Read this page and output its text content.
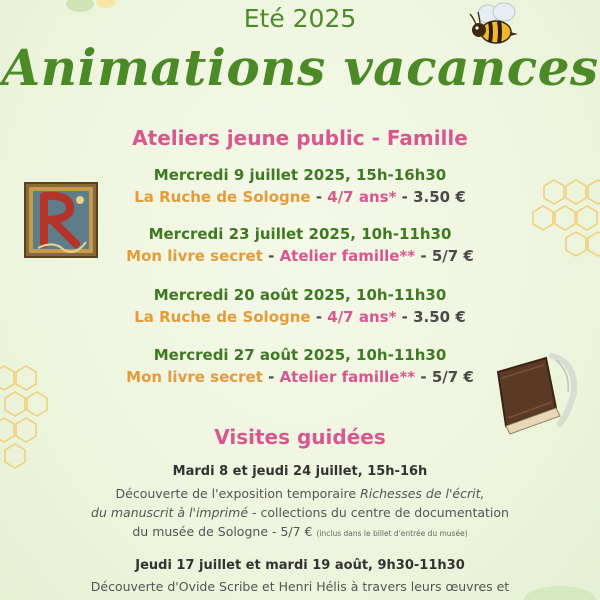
Eté 2025
Animations vacances
Ateliers jeune public - Famille
Mercredi 9 juillet 2025, 15h-16h30
La Ruche de Sologne - 4/7 ans* - 3.50 €
Mercredi 23 juillet 2025, 10h-11h30
Mon livre secret - Atelier famille** - 5/7 €
Mercredi 20 août 2025, 10h-11h30
La Ruche de Sologne - 4/7 ans* - 3.50 €
Mercredi 27 août 2025, 10h-11h30
Mon livre secret - Atelier famille** - 5/7 €
Visites guidées
Mardi 8 et jeudi 24 juillet, 15h-16h
Découverte de l'exposition temporaire Richesses de l'écrit,
du manuscrit à l'imprimé - collections du centre de documentation
du musée de Sologne - 5/7 € (inclus dans le billet d'entrée du musée)
Jeudi 17 juillet et mardi 19 août, 9h30-11h30
Découverte d'Ovide Scribe et Henri Hélis à travers leurs œuvres et
